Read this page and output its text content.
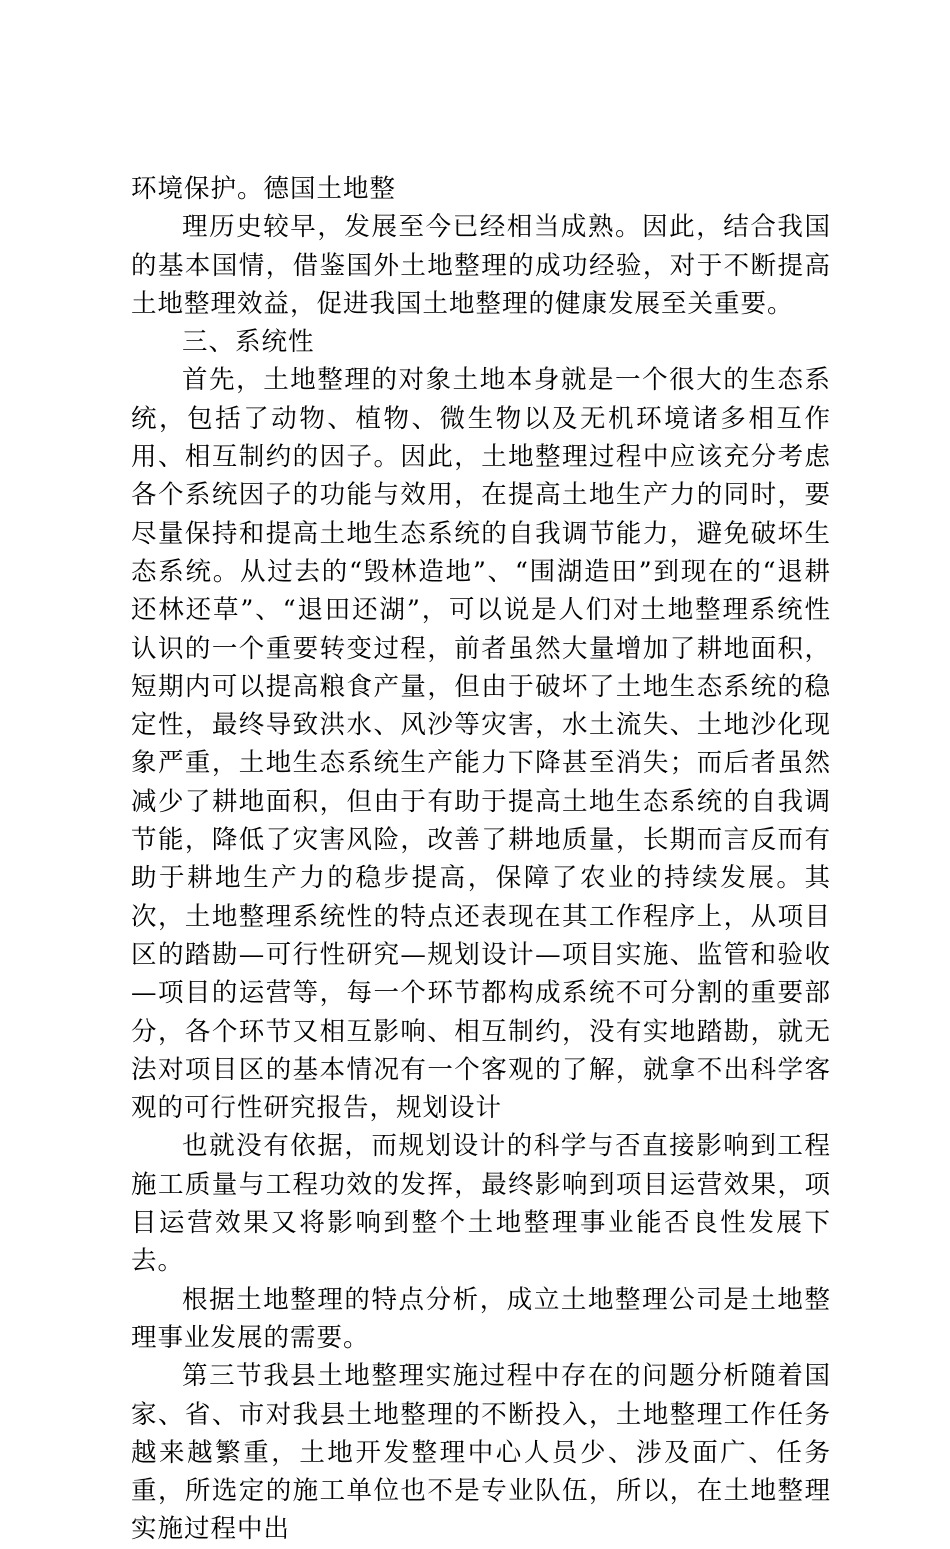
环境保护。德国土地整

理历史较早，发展至今已经相当成熟。因此，结合我国的基本国情，借鉴国外土地整理的成功经验，对于不断提高土地整理效益，促进我国土地整理的健康发展至关重要。

三、系统性

首先，土地整理的对象土地本身就是一个很大的生态系统，包括了动物、植物、微生物以及无机环境诸多相互作用、相互制约的因子。因此，土地整理过程中应该充分考虑各个系统因子的功能与效用，在提高土地生产力的同时，要尽量保持和提高土地生态系统的自我调节能力，避免破坏生态系统。从过去的“毁林造地”、“围湖造田”到现在的“退耕还林还草”、“退田还湖”，可以说是人们对土地整理系统性认识的一个重要转变过程，前者虽然大量增加了耕地面积，短期内可以提高粮食产量，但由于破坏了土地生态系统的稳定性，最终导致洪水、风沙等灾害，水土流失、土地沙化现象严重，土地生态系统生产能力下降甚至消失；而后者虽然减少了耕地面积，但由于有助于提高土地生态系统的自我调节能，降低了灾害风险，改善了耕地质量，长期而言反而有助于耕地生产力的稳步提高，保障了农业的持续发展。其次，土地整理系统性的特点还表现在其工作程序上，从项目区的踏勘—可行性研究—规划设计—项目实施、监管和验收—项目的运营等，每一个环节都构成系统不可分割的重要部分，各个环节又相互影响、相互制约，没有实地踏勘，就无法对项目区的基本情况有一个客观的了解，就拿不出科学客观的可行性研究报告，规划设计

也就没有依据，而规划设计的科学与否直接影响到工程施工质量与工程功效的发挥，最终影响到项目运营效果，项目运营效果又将影响到整个土地整理事业能否良性发展下去。

根据土地整理的特点分析，成立土地整理公司是土地整理事业发展的需要。

第三节我县土地整理实施过程中存在的问题分析随着国家、省、市对我县土地整理的不断投入，土地整理工作任务越来越繁重，土地开发整理中心人员少、涉及面广、任务重，所选定的施工单位也不是专业队伍，所以，在土地整理实施过程中出
